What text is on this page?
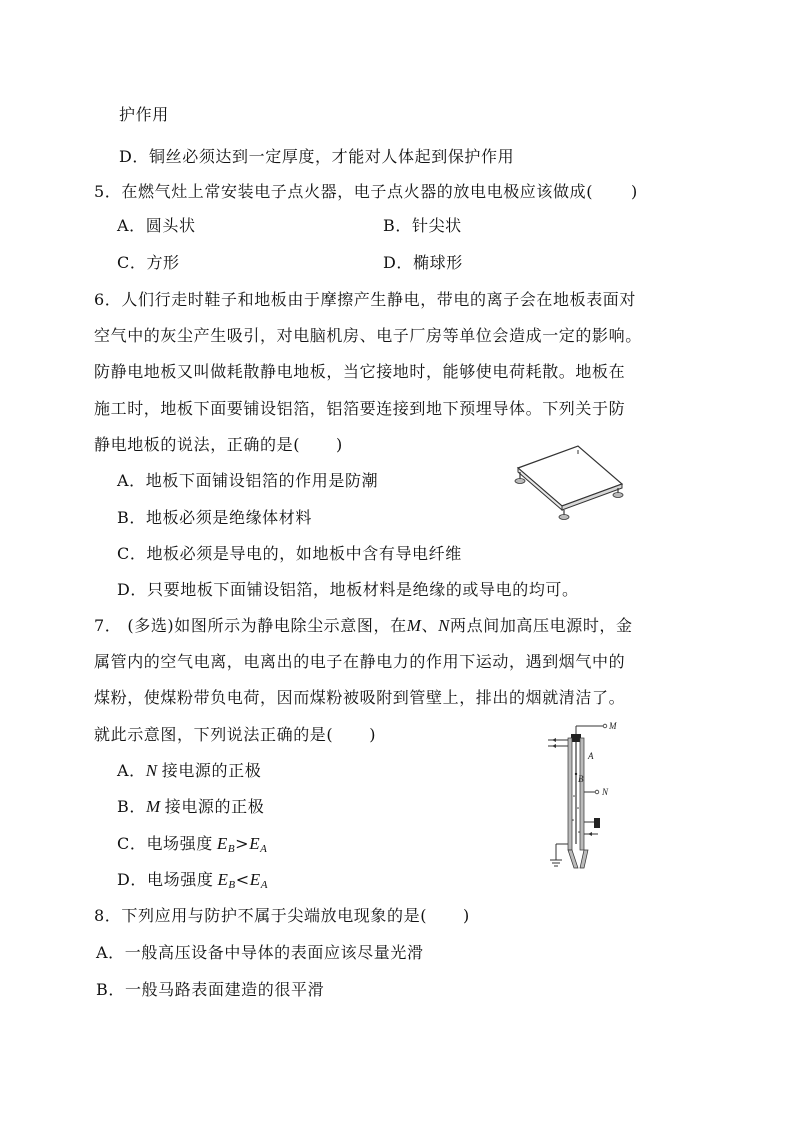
护作用
D．铜丝必须达到一定厚度，才能对人体起到保护作用
5．在燃气灶上常安装电子点火器，电子点火器的放电电极应该做成( )
A．圆头状	B．针尖状
C．方形	D．椭球形
6．人们行走时鞋子和地板由于摩擦产生静电，带电的离子会在地板表面对
空气中的灰尘产生吸引，对电脑机房、电子厂房等单位会造成一定的影响。
防静电地板又叫做耗散静电地板，当它接地时，能够使电荷耗散。地板在
施工时，地板下面要铺设铝箔，铝箔要连接到地下预埋导体。下列关于防
静电地板的说法，正确的是( )
A．地板下面铺设铝箔的作用是防潮
B．地板必须是绝缘体材料
C．地板必须是导电的，如地板中含有导电纤维
D．只要地板下面铺设铝箔，地板材料是绝缘的或导电的均可。
7． (多选)如图所示为静电除尘示意图，在M、N两点间加高压电源时，金
属管内的空气电离，电离出的电子在静电力的作用下运动，遇到烟气中的
煤粉，使煤粉带负电荷，因而煤粉被吸附到管壁上，排出的烟就清洁了。
就此示意图，下列说法正确的是( )	M
A
B
N
A．N 接电源的正极
B．M 接电源的正极
C．电场强度 $E_B>E_A$
D．电场强度 $E_B<E_A$
8．下列应用与防护不属于尖端放电现象的是( )
A．一般高压设备中导体的表面应该尽量光滑
B．一般马路表面建造的很平滑
